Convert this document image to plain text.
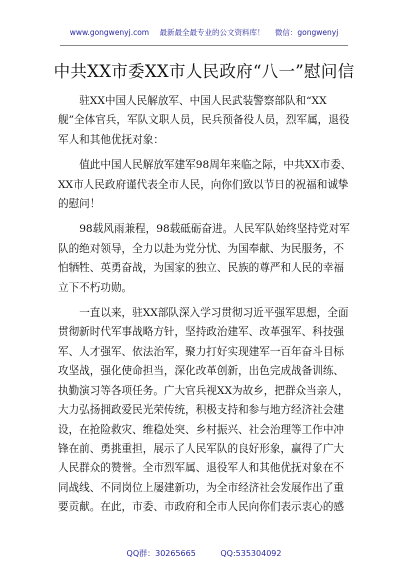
www.gongwenyj.com 最新最全最专业的公文资料库！ 微信：gongwenyj
中共XX市委XX市人民政府“八一”慰问信

驻XX中国人民解放军、中国人民武装警察部队和“XX舰”全体官兵，军队文职人员，民兵预备役人员，烈军属，退役军人和其他优抚对象：

值此中国人民解放军建军98周年来临之际，中共XX市委、XX市人民政府谨代表全市人民，向你们致以节日的祝福和诚挚的慰问！

98载风雨兼程，98载砥砺奋进。人民军队始终坚持党对军队的绝对领导，全力以赴为党分忧、为国奉献、为民服务，不怕牺牲、英勇奋战，为国家的独立、民族的尊严和人民的幸福立下不朽功勋。

一直以来，驻XX部队深入学习贯彻习近平强军思想，全面贯彻新时代军事战略方针，坚持政治建军、改革强军、科技强军、人才强军、依法治军，聚力打好实现建军一百年奋斗目标攻坚战，强化使命担当，深化改革创新，出色完成战备训练、执勤演习等各项任务。广大官兵视XX为故乡，把群众当亲人，大力弘扬拥政爱民光荣传统，积极支持和参与地方经济社会建设，在抢险救灾、维稳处突、乡村振兴、社会治理等工作中冲锋在前、勇挑重担，展示了人民军队的良好形象，赢得了广大人民群众的赞誉。全市烈军属、退役军人和其他优抚对象在不同战线、不同岗位上屡建新功，为全市经济社会发展作出了重要贡献。在此，市委、市政府和全市人民向你们表示衷心的感

QQ群：30265665	QQ:535304092
